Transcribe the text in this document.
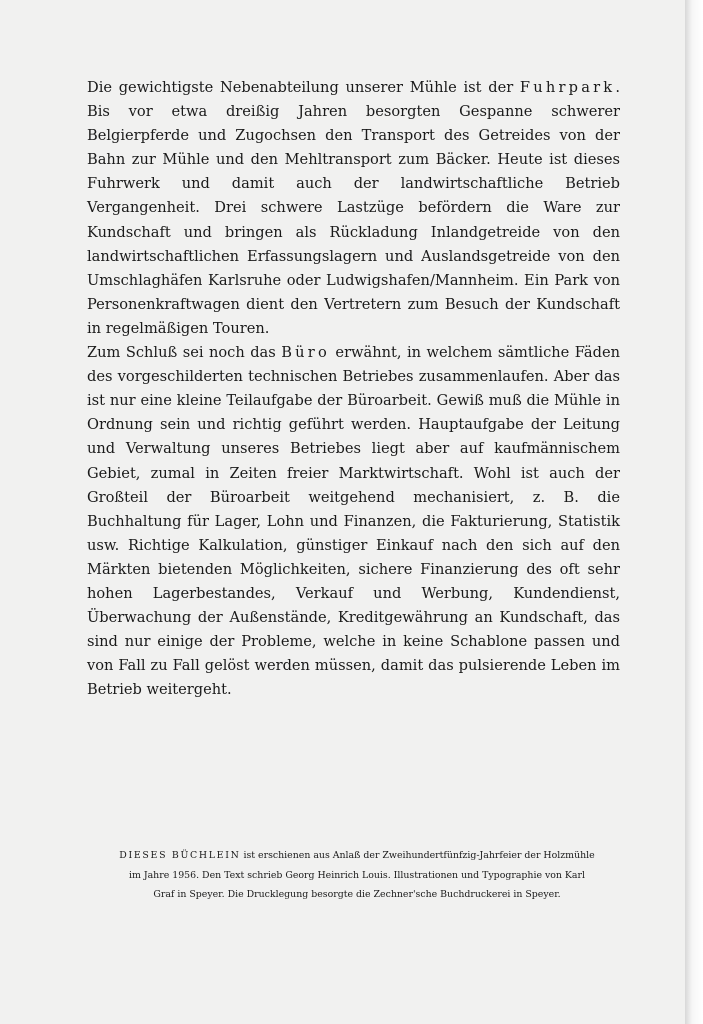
Die gewichtigste Nebenabteilung unserer Mühle ist der Fuhrpark. Bis vor etwa dreißig Jahren besorgten Gespanne schwerer Belgierpferde und Zugochsen den Transport des Getreides von der Bahn zur Mühle und den Mehltransport zum Bäcker. Heute ist dieses Fuhrwerk und damit auch der landwirtschaftliche Betrieb Vergangenheit. Drei schwere Lastzüge befördern die Ware zur Kundschaft und bringen als Rückladung Inlandgetreide von den landwirtschaftlichen Erfassungslagern und Auslandsgetreide von den Umschlaghäfen Karlsruhe oder Ludwigshafen/Mannheim. Ein Park von Personenkraftwagen dient den Vertretern zum Besuch der Kundschaft in regelmäßigen Touren.

Zum Schluß sei noch das Büro erwähnt, in welchem sämtliche Fäden des vorgeschilderten technischen Betriebes zusammenlaufen. Aber das ist nur eine kleine Teilaufgabe der Büroarbeit. Gewiß muß die Mühle in Ordnung sein und richtig geführt werden. Hauptaufgabe der Leitung und Verwaltung unseres Betriebes liegt aber auf kaufmännischem Gebiet, zumal in Zeiten freier Marktwirtschaft. Wohl ist auch der Großteil der Büroarbeit weitgehend mechanisiert, z. B. die Buchhaltung für Lager, Lohn und Finanzen, die Fakturierung, Statistik usw. Richtige Kalkulation, günstiger Einkauf nach den sich auf den Märkten bietenden Möglichkeiten, sichere Finanzierung des oft sehr hohen Lagerbestandes, Verkauf und Werbung, Kundendienst, Überwachung der Außenstände, Kreditgewährung an Kundschaft, das sind nur einige der Probleme, welche in keine Schablone passen und von Fall zu Fall gelöst werden müssen, damit das pulsierende Leben im Betrieb weitergeht.

DIESES BÜCHLEIN ist erschienen aus Anlaß der Zweihundertfünfzig-Jahrfeier der Holzmühle im Jahre 1956. Den Text schrieb Georg Heinrich Louis. Illustrationen und Typographie von Karl Graf in Speyer. Die Drucklegung besorgte die Zechner'sche Buchdruckerei in Speyer.
